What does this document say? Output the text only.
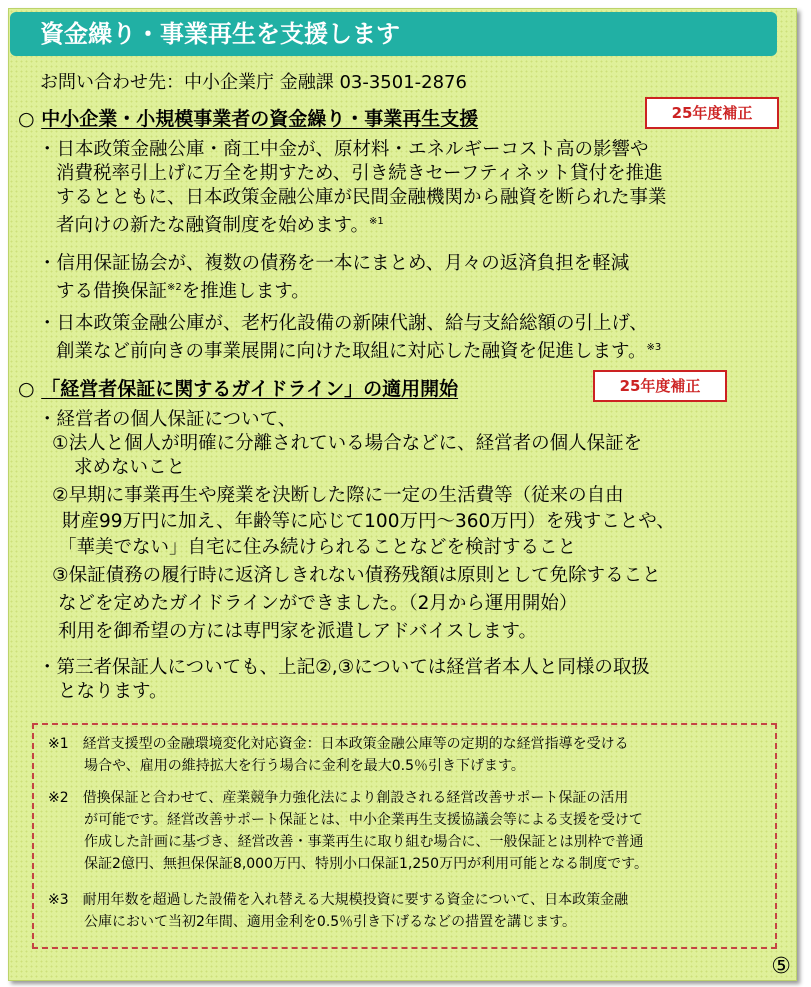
資金繰り・事業再生を支援します
お問い合わせ先：中小企業庁 金融課 03-3501-2876
○ 中小企業・小規模事業者の資金繰り・事業再生支援	25年度補正
・日本政策金融公庫・商工中金が、原材料・エネルギーコスト高の影響や
消費税率引上げに万全を期すため、引き続きセーフティネット貸付を推進
するとともに、日本政策金融公庫が民間金融機関から融資を断られた事業
者向けの新たな融資制度を始めます。$^{※1}$
・信用保証協会が、複数の債務を一本にまとめ、月々の返済負担を軽減
する借換保証$^{※2}$を推進します。
・日本政策金融公庫が、老朽化設備の新陳代謝、給与支給総額の引上げ、
創業など前向きの事業展開に向けた取組に対応した融資を促進します。$^{※3}$
○ 「経営者保証に関するガイドライン」の適用開始	25年度補正
・経営者の個人保証について、
①法人と個人が明確に分離されている場合などに、経営者の個人保証を
求めないこと
②早期に事業再生や廃業を決断した際に一定の生活費等（従来の自由
財産99万円に加え、年齢等に応じて100万円～360万円）を残すことや、
「華美でない」自宅に住み続けられることなどを検討すること
③保証債務の履行時に返済しきれない債務残額は原則として免除すること
などを定めたガイドラインができました。（2月から運用開始）
利用を御希望の方には専門家を派遣しアドバイスします。
・第三者保証人についても、上記②,③については経営者本人と同様の取扱
となります。
※1　経営支援型の金融環境変化対応資金：日本政策金融公庫等の定期的な経営指導を受ける
場合や、雇用の維持拡大を行う場合に金利を最大0.5％引き下げます。
※2　借換保証と合わせて、産業競争力強化法により創設される経営改善サポート保証の活用
が可能です。経営改善サポート保証とは、中小企業再生支援協議会等による支援を受けて
作成した計画に基づき、経営改善・事業再生に取り組む場合に、一般保証とは別枠で普通
保証2億円、無担保保証8,000万円、特別小口保証1,250万円が利用可能となる制度です。
※3　耐用年数を超過した設備を入れ替える大規模投資に要する資金について、日本政策金融
公庫において当初2年間、適用金利を0.5％引き下げるなどの措置を講じます。
⑤
